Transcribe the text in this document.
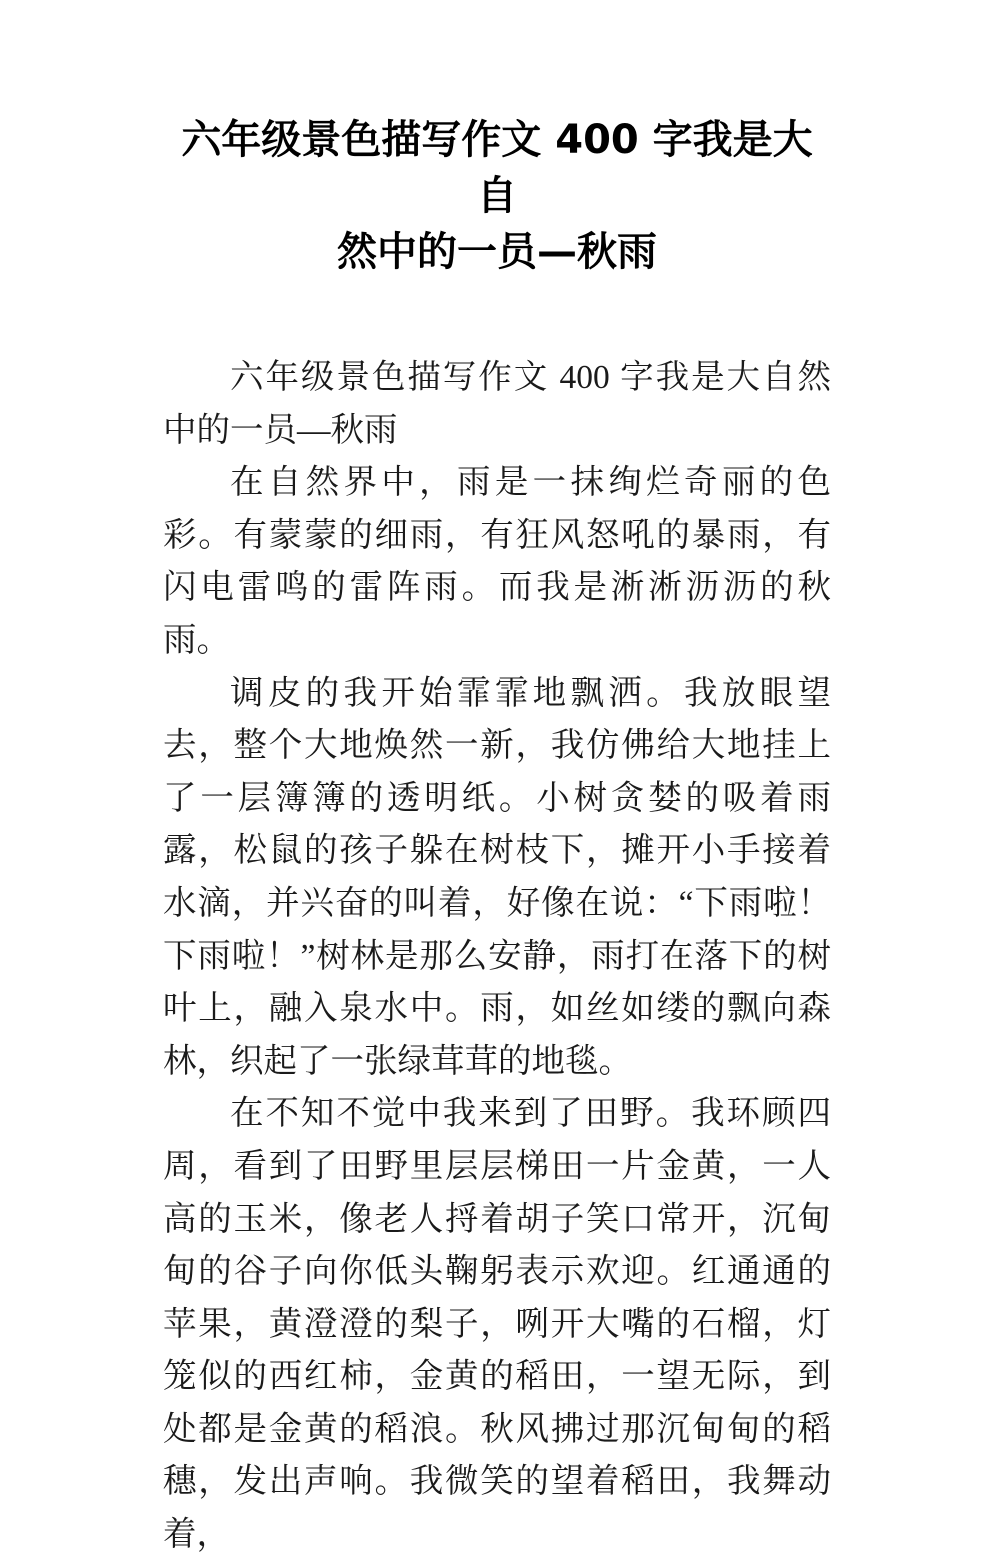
六年级景色描写作文 400 字我是大自
然中的一员—秋雨

六年级景色描写作文 400 字我是大自然中的一员—秋雨

在自然界中，雨是一抹绚烂奇丽的色彩。有蒙蒙的细雨，有狂风怒吼的暴雨，有闪电雷鸣的雷阵雨。而我是淅淅沥沥的秋雨。

调皮的我开始霏霏地飘洒。我放眼望去，整个大地焕然一新，我仿佛给大地挂上了一层簿簿的透明纸。小树贪婪的吸着雨露，松鼠的孩子躲在树枝下，摊开小手接着水滴，并兴奋的叫着，好像在说：“下雨啦！下雨啦！”树林是那么安静，雨打在落下的树叶上，融入泉水中。雨，如丝如缕的飘向森林，织起了一张绿茸茸的地毯。

在不知不觉中我来到了田野。我环顾四周，看到了田野里层层梯田一片金黄，一人高的玉米，像老人捋着胡子笑口常开，沉甸甸的谷子向你低头鞠躬表示欢迎。红通通的苹果，黄澄澄的梨子，咧开大嘴的石榴，灯笼似的西红柿，金黄的稻田，一望无际，到处都是金黄的稻浪。秋风拂过那沉甸甸的稻穗，发出声响。我微笑的望着稻田，我舞动着，
